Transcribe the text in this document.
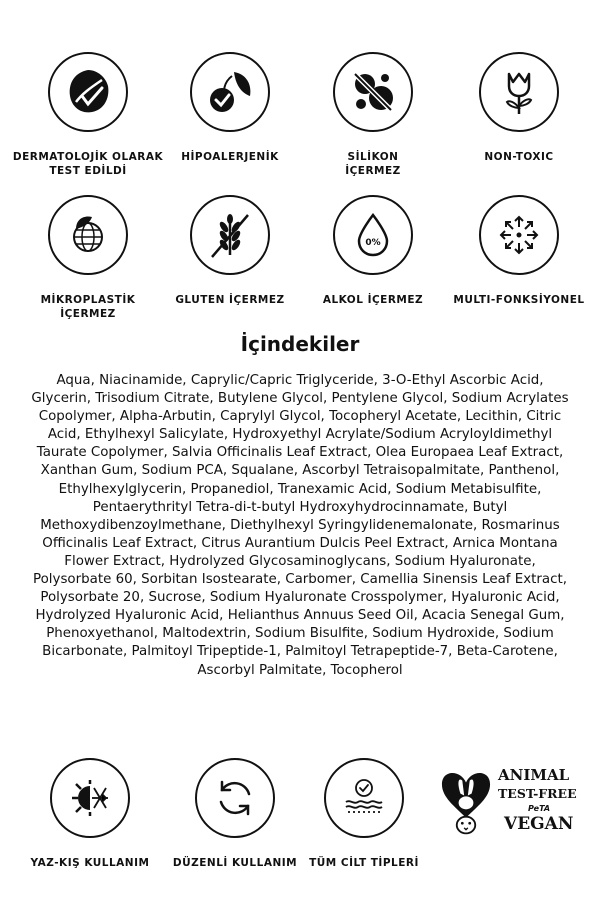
DERMATOLOJİK OLARAK
TEST EDİLDİ
HİPOALERJENİK	SİLİKON
İÇERMEZ
NON-TOXIC
MİKROPLASTİK
İÇERMEZ
GLUTEN İÇERMEZ
0%
ALKOL İÇERMEZ	MULTI-FONKSİYONEL
İçindekiler
Aqua, Niacinamide, Caprylic/Capric Triglyceride, 3-O-Ethyl Ascorbic Acid, Glycerin, Trisodium Citrate, Butylene Glycol, Pentylene Glycol, Sodium Acrylates Copolymer, Alpha-Arbutin, Caprylyl Glycol, Tocopheryl Acetate, Lecithin, Citric Acid, Ethylhexyl Salicylate, Hydroxyethyl Acrylate/Sodium Acryloyldimethyl Taurate Copolymer, Salvia Officinalis Leaf Extract, Olea Europaea Leaf Extract, Xanthan Gum, Sodium PCA, Squalane, Ascorbyl Tetraisopalmitate, Panthenol, Ethylhexylglycerin, Propanediol, Tranexamic Acid, Sodium Metabisulfite, Pentaerythrityl Tetra-di-t-butyl Hydroxyhydrocinnamate, Butyl Methoxydibenzoylmethane, Diethylhexyl Syringylidenemalonate, Rosmarinus Officinalis Leaf Extract, Citrus Aurantium Dulcis Peel Extract, Arnica Montana Flower Extract, Hydrolyzed Glycosaminoglycans, Sodium Hyaluronate, Polysorbate 60, Sorbitan Isostearate, Carbomer, Camellia Sinensis Leaf Extract, Polysorbate 20, Sucrose, Sodium Hyaluronate Crosspolymer, Hyaluronic Acid, Hydrolyzed Hyaluronic Acid, Helianthus Annuus Seed Oil, Acacia Senegal Gum, Phenoxyethanol, Maltodextrin, Sodium Bisulfite, Sodium Hydroxide, Sodium Bicarbonate, Palmitoyl Tripeptide-1, Palmitoyl Tetrapeptide-7, Beta-Carotene, Ascorbyl Palmitate, Tocopherol
YAZ-KIŞ KULLANIM	DÜZENLİ KULLANIM	TÜM CİLT TİPLERİ
ANIMAL
TEST-FREE
PeTA
VEGAN
